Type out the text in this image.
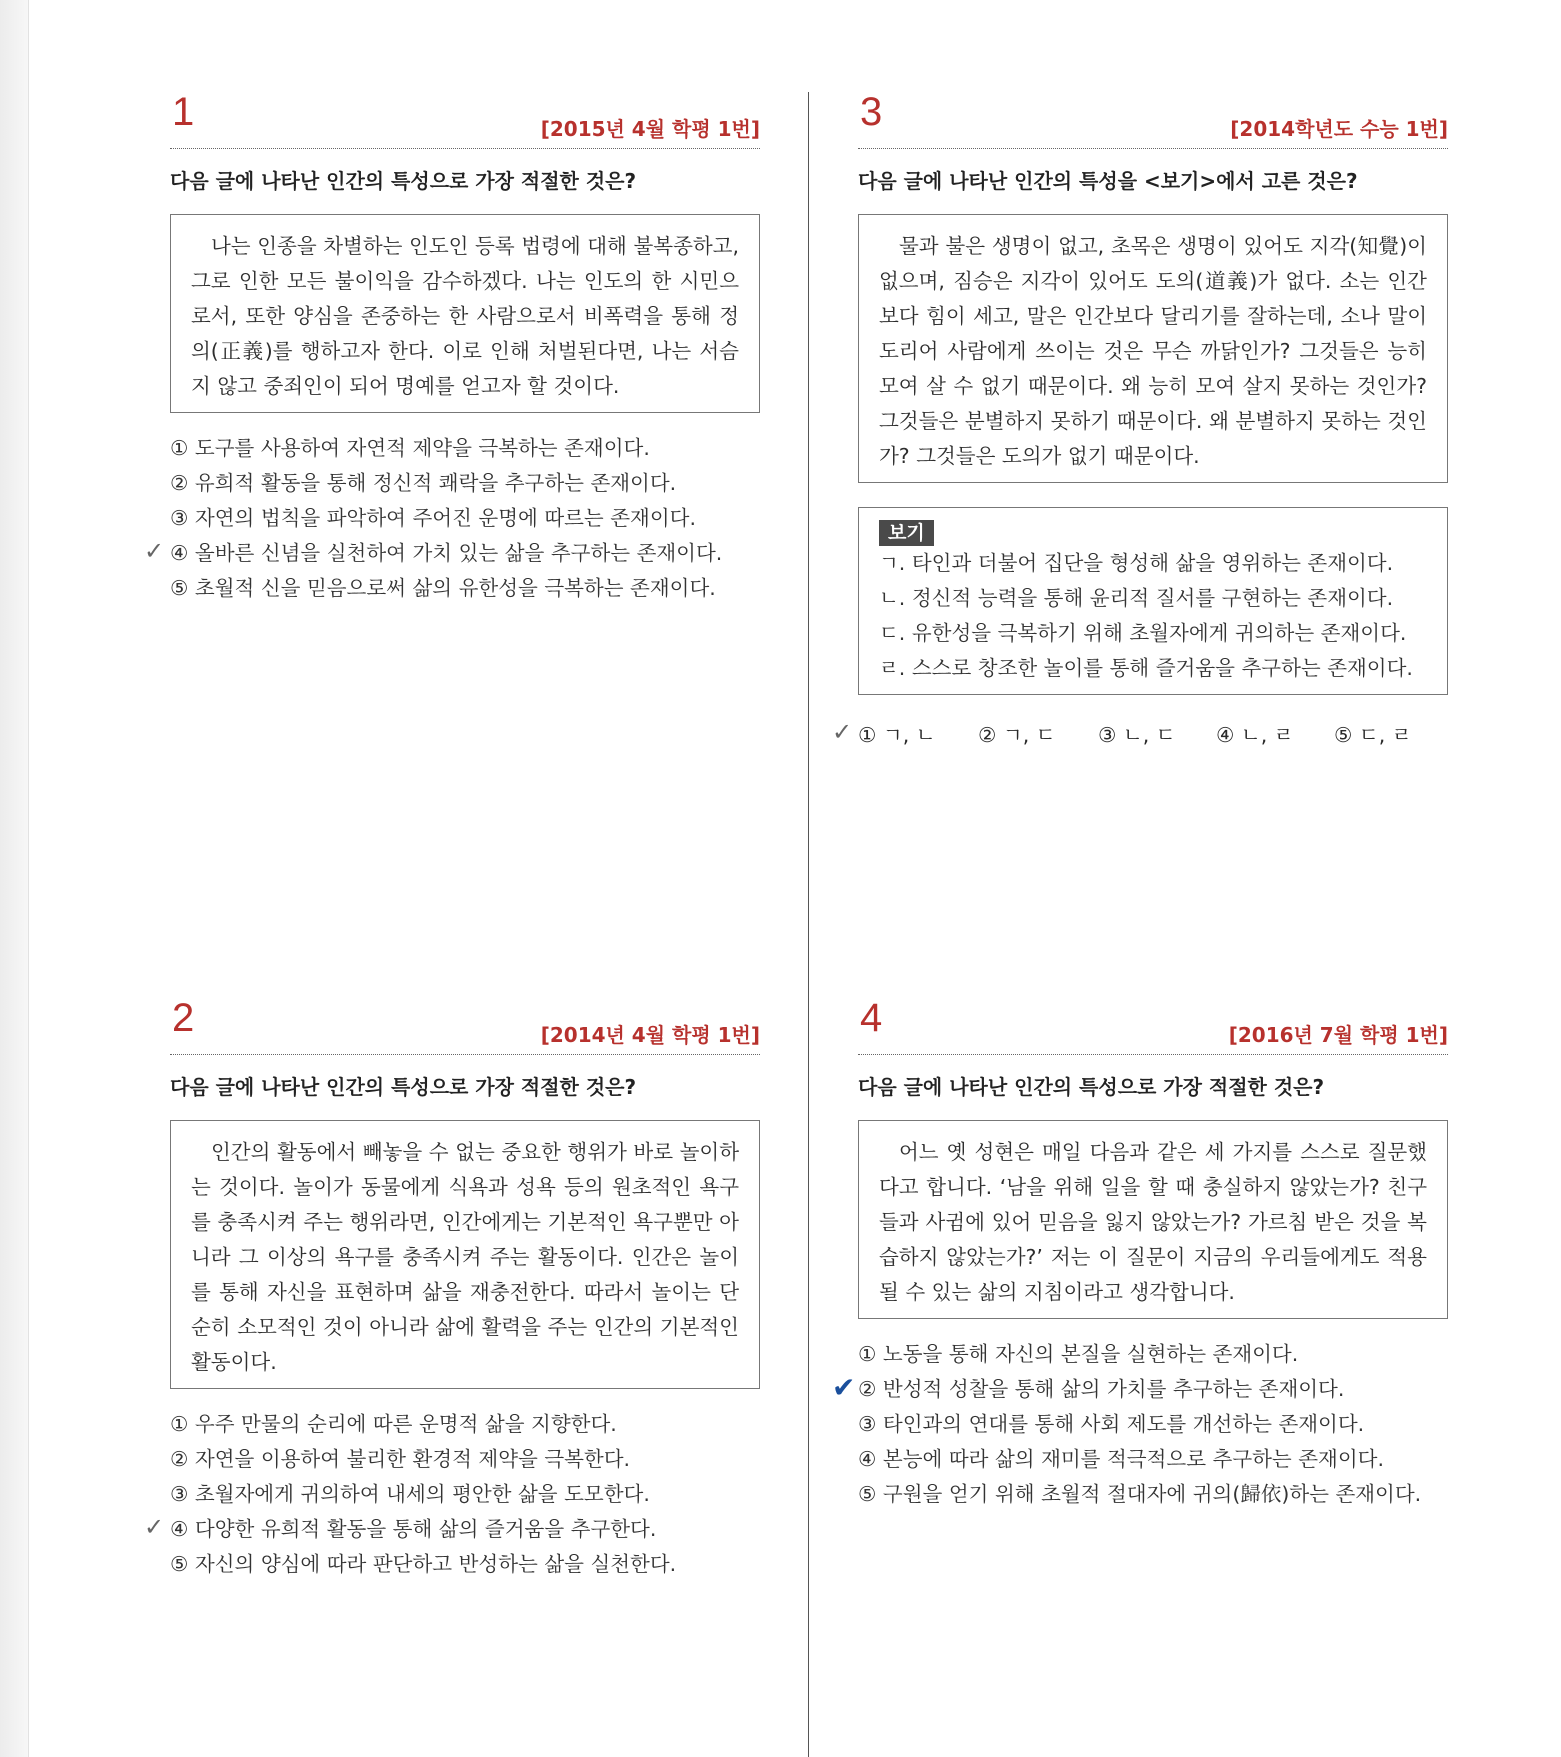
1	[2015년 4월 학평 1번]
다음 글에 나타난 인간의 특성으로 가장 적절한 것은?

나는 인종을 차별하는 인도인 등록 법령에 대해 불복종하고, 그로 인한 모든 불이익을 감수하겠다. 나는 인도의 한 시민으로서, 또한 양심을 존중하는 한 사람으로서 비폭력을 통해 정의(正義)를 행하고자 한다. 이로 인해 처벌된다면, 나는 서슴지 않고 중죄인이 되어 명예를 얻고자 할 것이다.

① 도구를 사용하여 자연적 제약을 극복하는 존재이다.
② 유희적 활동을 통해 정신적 쾌락을 추구하는 존재이다.
③ 자연의 법칙을 파악하여 주어진 운명에 따르는 존재이다.
✓ ④ 올바른 신념을 실천하여 가치 있는 삶을 추구하는 존재이다.
⑤ 초월적 신을 믿음으로써 삶의 유한성을 극복하는 존재이다.
2	[2014년 4월 학평 1번]
다음 글에 나타난 인간의 특성으로 가장 적절한 것은?

인간의 활동에서 빼놓을 수 없는 중요한 행위가 바로 놀이하는 것이다. 놀이가 동물에게 식욕과 성욕 등의 원초적인 욕구를 충족시켜 주는 행위라면, 인간에게는 기본적인 욕구뿐만 아니라 그 이상의 욕구를 충족시켜 주는 활동이다. 인간은 놀이를 통해 자신을 표현하며 삶을 재충전한다. 따라서 놀이는 단순히 소모적인 것이 아니라 삶에 활력을 주는 인간의 기본적인 활동이다.

① 우주 만물의 순리에 따른 운명적 삶을 지향한다.
② 자연을 이용하여 불리한 환경적 제약을 극복한다.
③ 초월자에게 귀의하여 내세의 평안한 삶을 도모한다.
✓ ④ 다양한 유희적 활동을 통해 삶의 즐거움을 추구한다.
⑤ 자신의 양심에 따라 판단하고 반성하는 삶을 실천한다.
3	[2014학년도 수능 1번]
다음 글에 나타난 인간의 특성을 <보기>에서 고른 것은?

물과 불은 생명이 없고, 초목은 생명이 있어도 지각(知覺)이 없으며, 짐승은 지각이 있어도 도의(道義)가 없다. 소는 인간보다 힘이 세고, 말은 인간보다 달리기를 잘하는데, 소나 말이 도리어 사람에게 쓰이는 것은 무슨 까닭인가? 그것들은 능히 모여 살 수 없기 때문이다. 왜 능히 모여 살지 못하는 것인가? 그것들은 분별하지 못하기 때문이다. 왜 분별하지 못하는 것인가? 그것들은 도의가 없기 때문이다.

보기
ㄱ. 타인과 더불어 집단을 형성해 삶을 영위하는 존재이다.
ㄴ. 정신적 능력을 통해 윤리적 질서를 구현하는 존재이다.
ㄷ. 유한성을 극복하기 위해 초월자에게 귀의하는 존재이다.
ㄹ. 스스로 창조한 놀이를 통해 즐거움을 추구하는 존재이다.
✓ ① ㄱ, ㄴ ② ㄱ, ㄷ ③ ㄴ, ㄷ ④ ㄴ, ㄹ ⑤ ㄷ, ㄹ
4	[2016년 7월 학평 1번]
다음 글에 나타난 인간의 특성으로 가장 적절한 것은?

어느 옛 성현은 매일 다음과 같은 세 가지를 스스로 질문했다고 합니다. ‘남을 위해 일을 할 때 충실하지 않았는가? 친구들과 사귐에 있어 믿음을 잃지 않았는가? 가르침 받은 것을 복습하지 않았는가?’ 저는 이 질문이 지금의 우리들에게도 적용될 수 있는 삶의 지침이라고 생각합니다.

① 노동을 통해 자신의 본질을 실현하는 존재이다.
✔ ② 반성적 성찰을 통해 삶의 가치를 추구하는 존재이다.
③ 타인과의 연대를 통해 사회 제도를 개선하는 존재이다.
④ 본능에 따라 삶의 재미를 적극적으로 추구하는 존재이다.
⑤ 구원을 얻기 위해 초월적 절대자에 귀의(歸依)하는 존재이다.
